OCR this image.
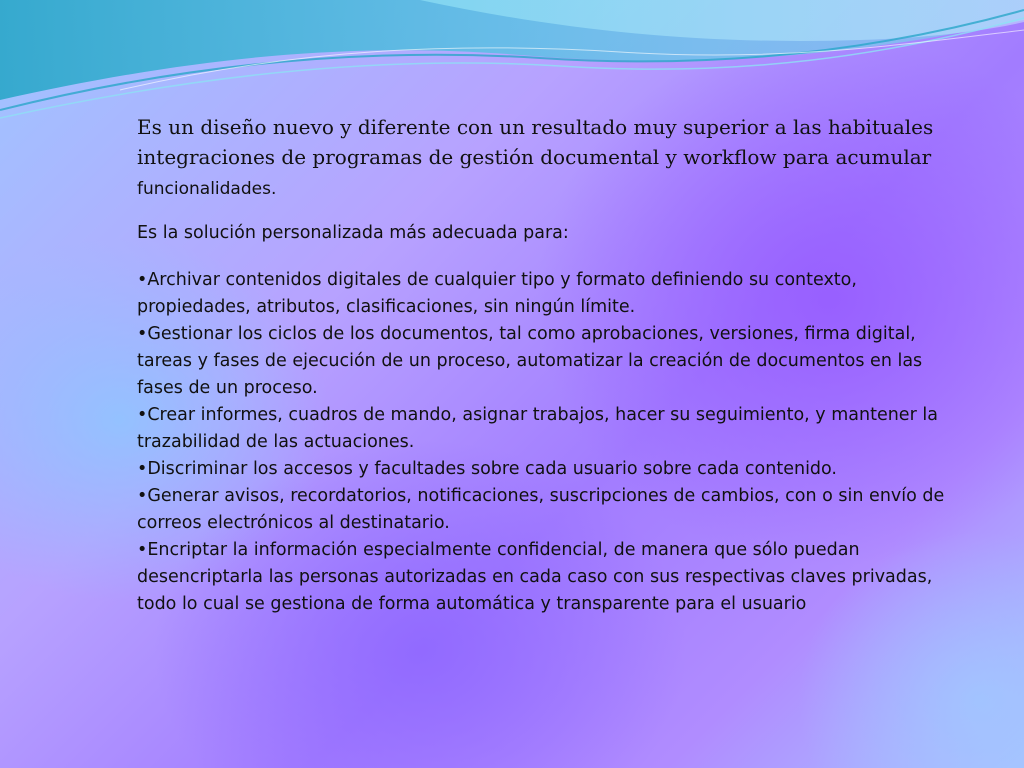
Es un diseño nuevo y diferente con un resultado muy superior a las habituales integraciones de programas de gestión documental y workflow para acumular funcionalidades.

Es la solución personalizada más adecuada para:

•Archivar contenidos digitales de cualquier tipo y formato definiendo su contexto, propiedades, atributos, clasificaciones, sin ningún límite.
•Gestionar los ciclos de los documentos, tal como aprobaciones, versiones, firma digital, tareas y fases de ejecución de un proceso, automatizar la creación de documentos en las fases de un proceso.
•Crear informes, cuadros de mando, asignar trabajos, hacer su seguimiento, y mantener la trazabilidad de las actuaciones.
•Discriminar los accesos y facultades sobre cada usuario sobre cada contenido.
•Generar avisos, recordatorios, notificaciones, suscripciones de cambios, con o sin envío de correos electrónicos al destinatario.
•Encriptar la información especialmente confidencial, de manera que sólo puedan desencriptarla las personas autorizadas en cada caso con sus respectivas claves privadas, todo lo cual se gestiona de forma automática y transparente para el usuario
